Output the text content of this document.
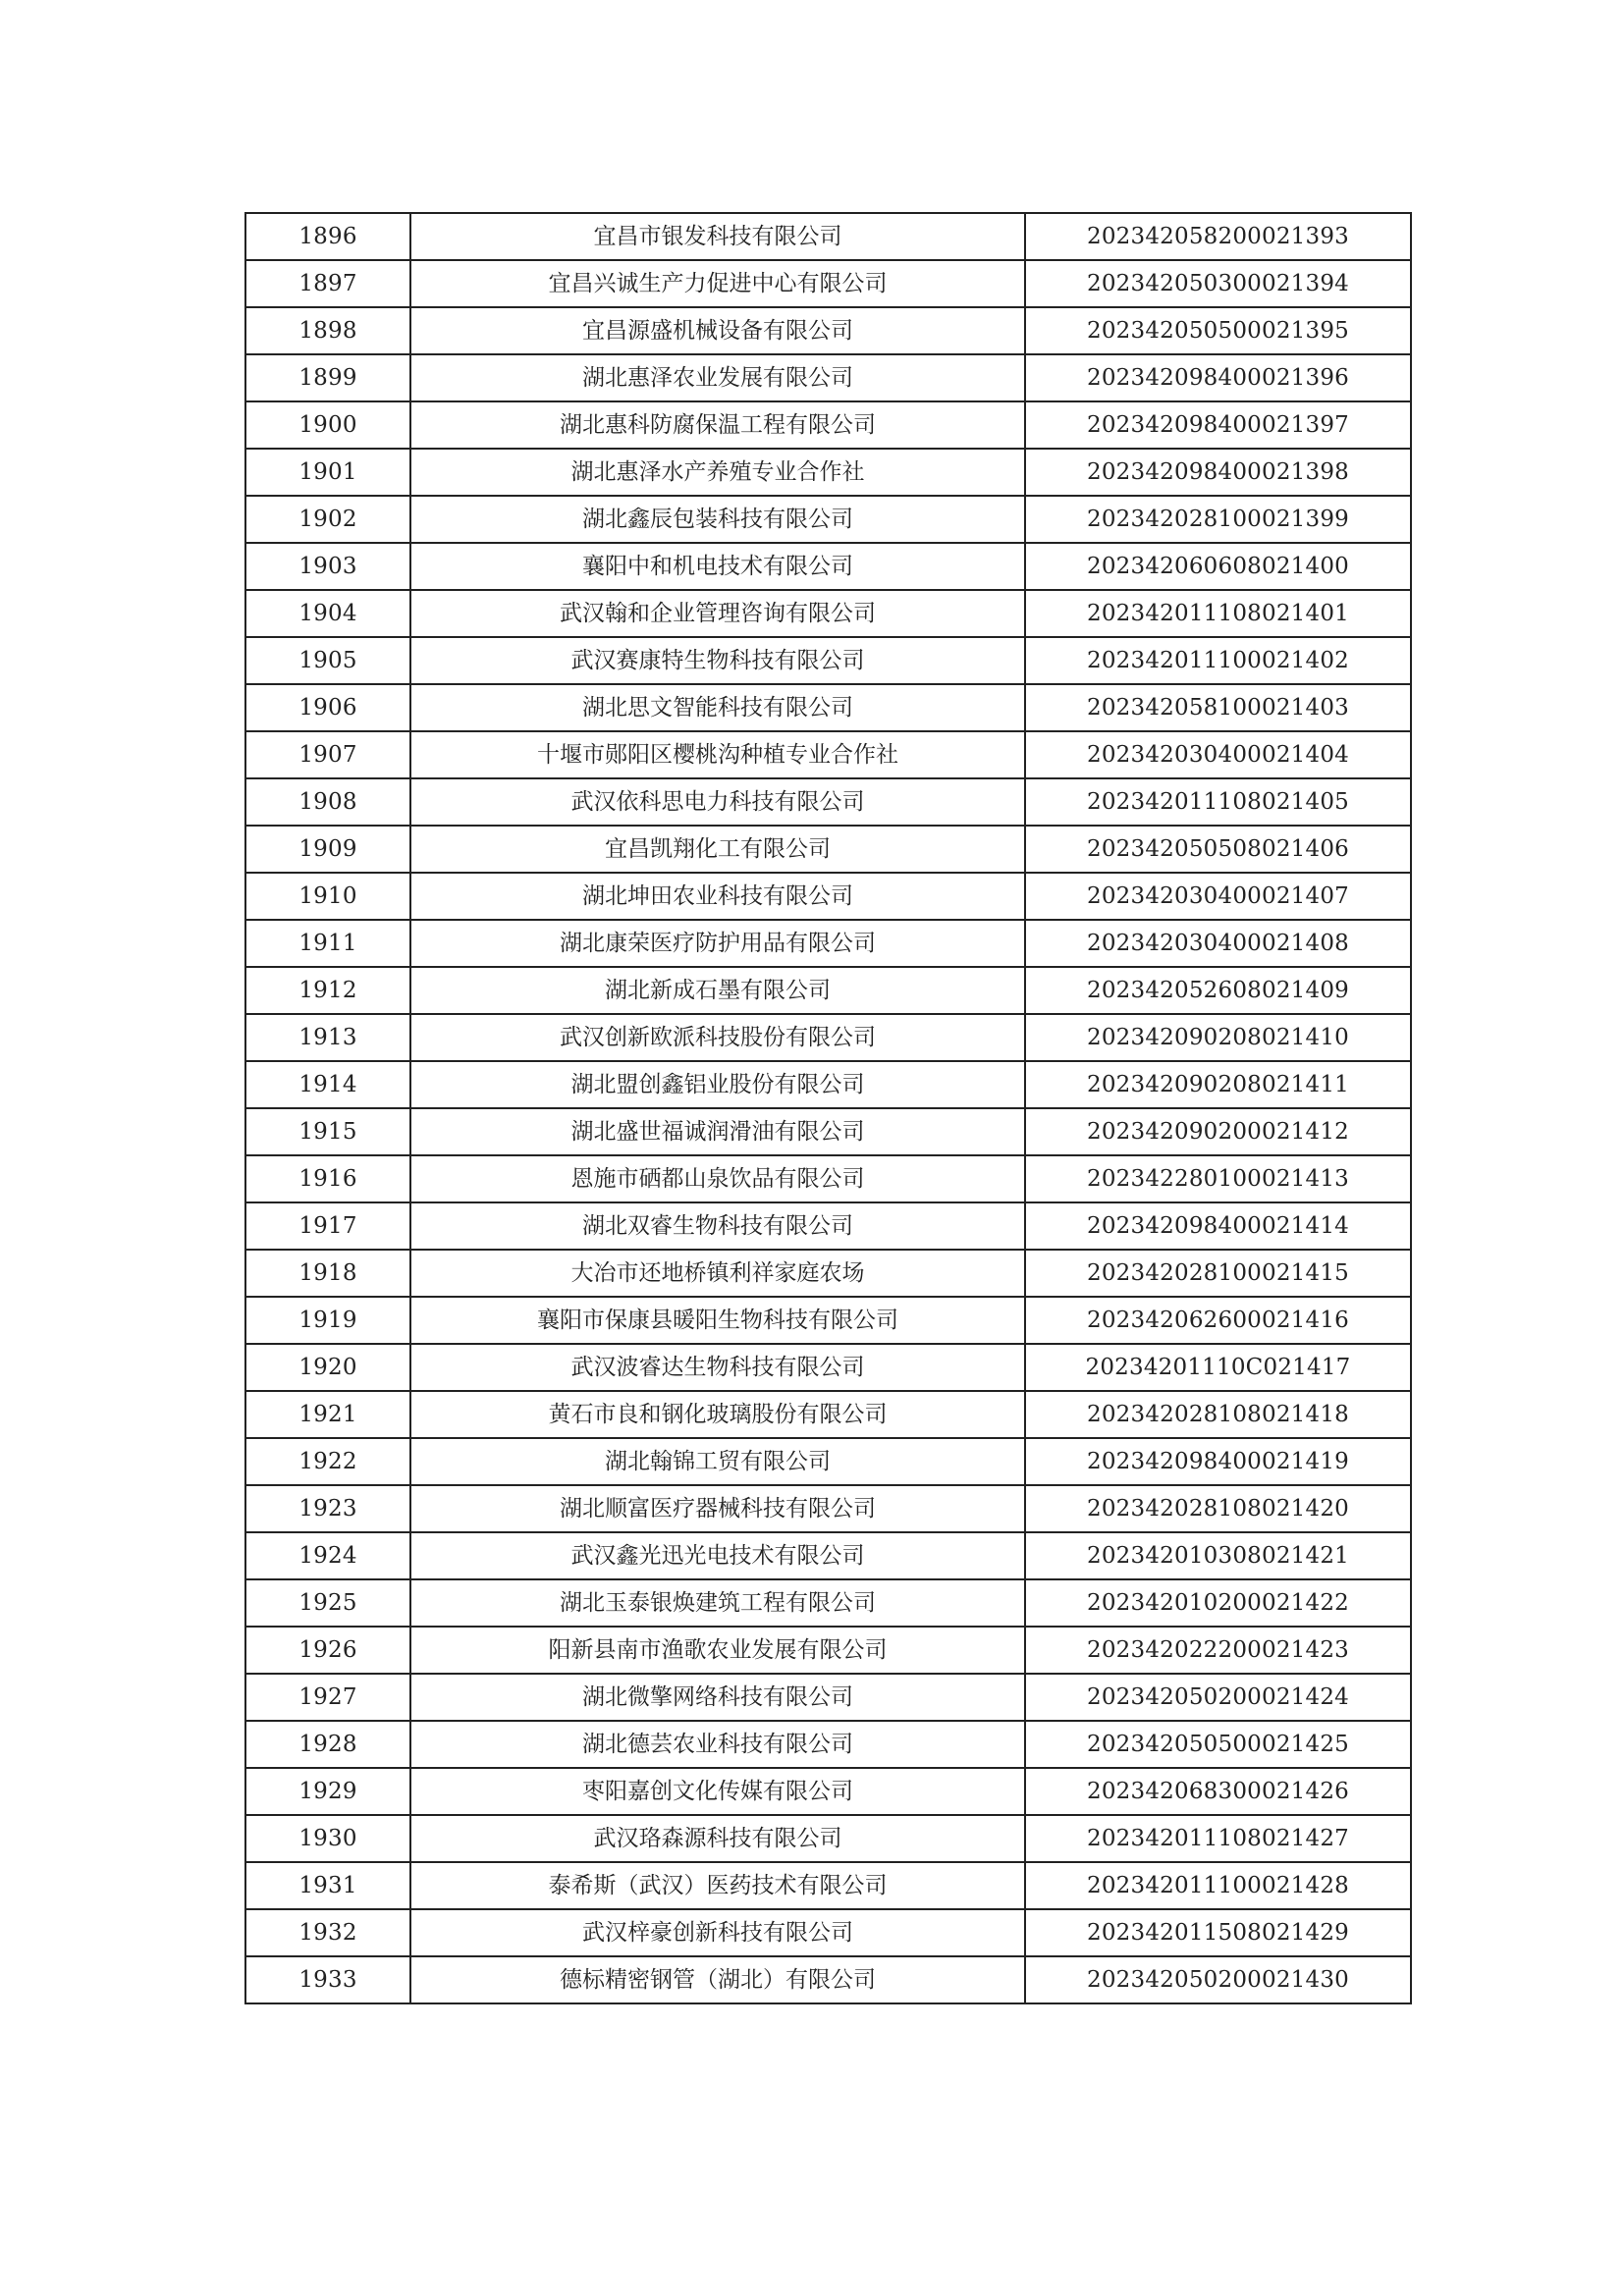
1896	宜昌市银发科技有限公司	202342058200021393
1897	宜昌兴诚生产力促进中心有限公司	202342050300021394
1898	宜昌源盛机械设备有限公司	202342050500021395
1899	湖北惠泽农业发展有限公司	202342098400021396
1900	湖北惠科防腐保温工程有限公司	202342098400021397
1901	湖北惠泽水产养殖专业合作社	202342098400021398
1902	湖北鑫辰包装科技有限公司	202342028100021399
1903	襄阳中和机电技术有限公司	202342060608021400
1904	武汉翰和企业管理咨询有限公司	202342011108021401
1905	武汉赛康特生物科技有限公司	202342011100021402
1906	湖北思文智能科技有限公司	202342058100021403
1907	十堰市郧阳区樱桃沟种植专业合作社	202342030400021404
1908	武汉依科思电力科技有限公司	202342011108021405
1909	宜昌凯翔化工有限公司	202342050508021406
1910	湖北坤田农业科技有限公司	202342030400021407
1911	湖北康荣医疗防护用品有限公司	202342030400021408
1912	湖北新成石墨有限公司	202342052608021409
1913	武汉创新欧派科技股份有限公司	202342090208021410
1914	湖北盟创鑫铝业股份有限公司	202342090208021411
1915	湖北盛世福诚润滑油有限公司	202342090200021412
1916	恩施市硒都山泉饮品有限公司	202342280100021413
1917	湖北双睿生物科技有限公司	202342098400021414
1918	大冶市还地桥镇利祥家庭农场	202342028100021415
1919	襄阳市保康县暖阳生物科技有限公司	202342062600021416
1920	武汉波睿达生物科技有限公司	20234201110C021417
1921	黄石市良和钢化玻璃股份有限公司	202342028108021418
1922	湖北翰锦工贸有限公司	202342098400021419
1923	湖北顺富医疗器械科技有限公司	202342028108021420
1924	武汉鑫光迅光电技术有限公司	202342010308021421
1925	湖北玉泰银焕建筑工程有限公司	202342010200021422
1926	阳新县南市渔歌农业发展有限公司	202342022200021423
1927	湖北微擎网络科技有限公司	202342050200021424
1928	湖北德芸农业科技有限公司	202342050500021425
1929	枣阳嘉创文化传媒有限公司	202342068300021426
1930	武汉珞森源科技有限公司	202342011108021427
1931	泰希斯（武汉）医药技术有限公司	202342011100021428
1932	武汉梓豪创新科技有限公司	202342011508021429
1933	德标精密钢管（湖北）有限公司	202342050200021430
